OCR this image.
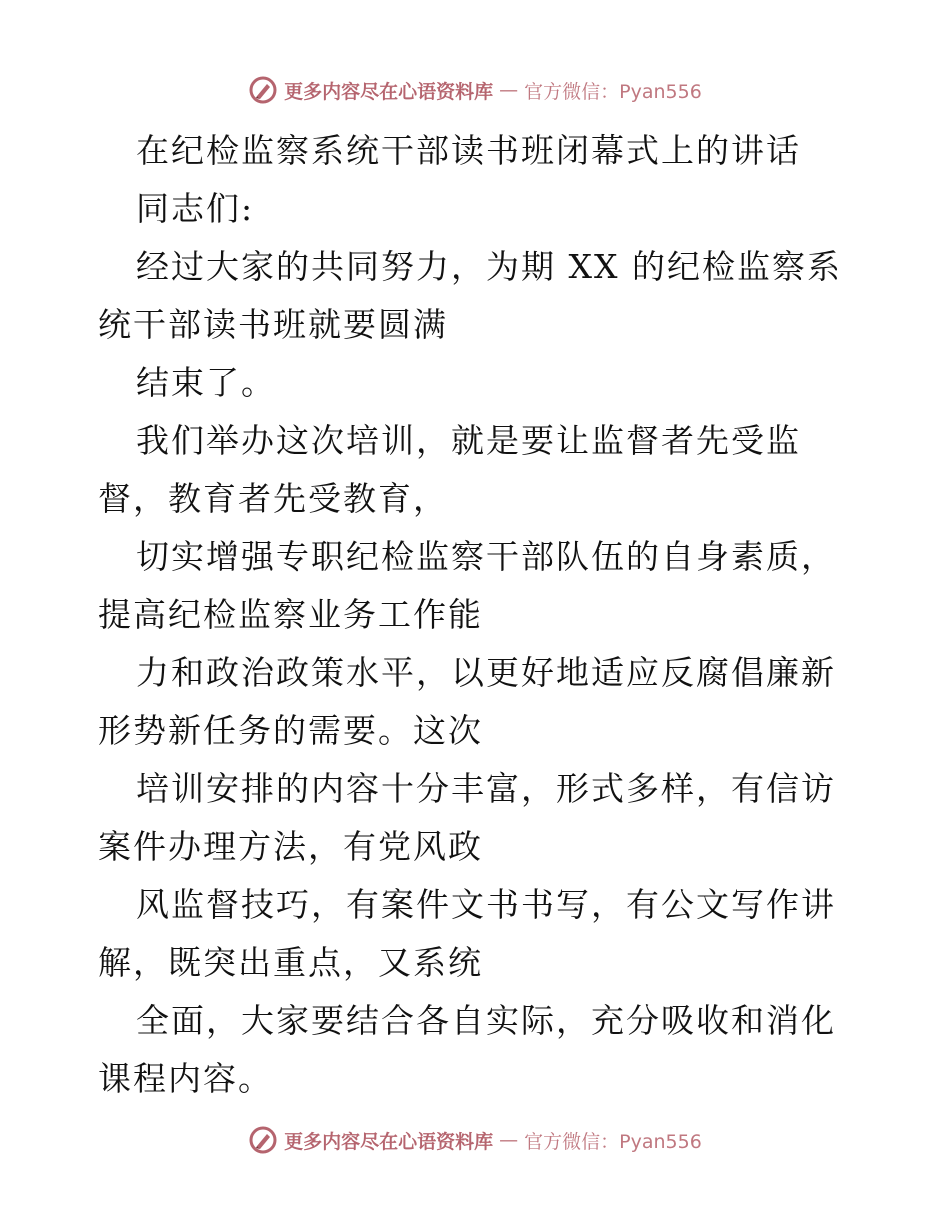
更多内容尽在心语资料库 — 官方微信：Pyan556

在纪检监察系统干部读书班闭幕式上的讲话

同志们:

经过大家的共同努力，为期 XX 的纪检监察系统干部读书班就要圆满

结束了。

我们举办这次培训，就是要让监督者先受监督，教育者先受教育，

切实增强专职纪检监察干部队伍的自身素质，提高纪检监察业务工作能

力和政治政策水平，以更好地适应反腐倡廉新形势新任务的需要。这次

培训安排的内容十分丰富，形式多样，有信访案件办理方法，有党风政

风监督技巧，有案件文书书写，有公文写作讲解，既突出重点，又系统

全面，大家要结合各自实际，充分吸收和消化课程内容。

更多内容尽在心语资料库 — 官方微信：Pyan556
